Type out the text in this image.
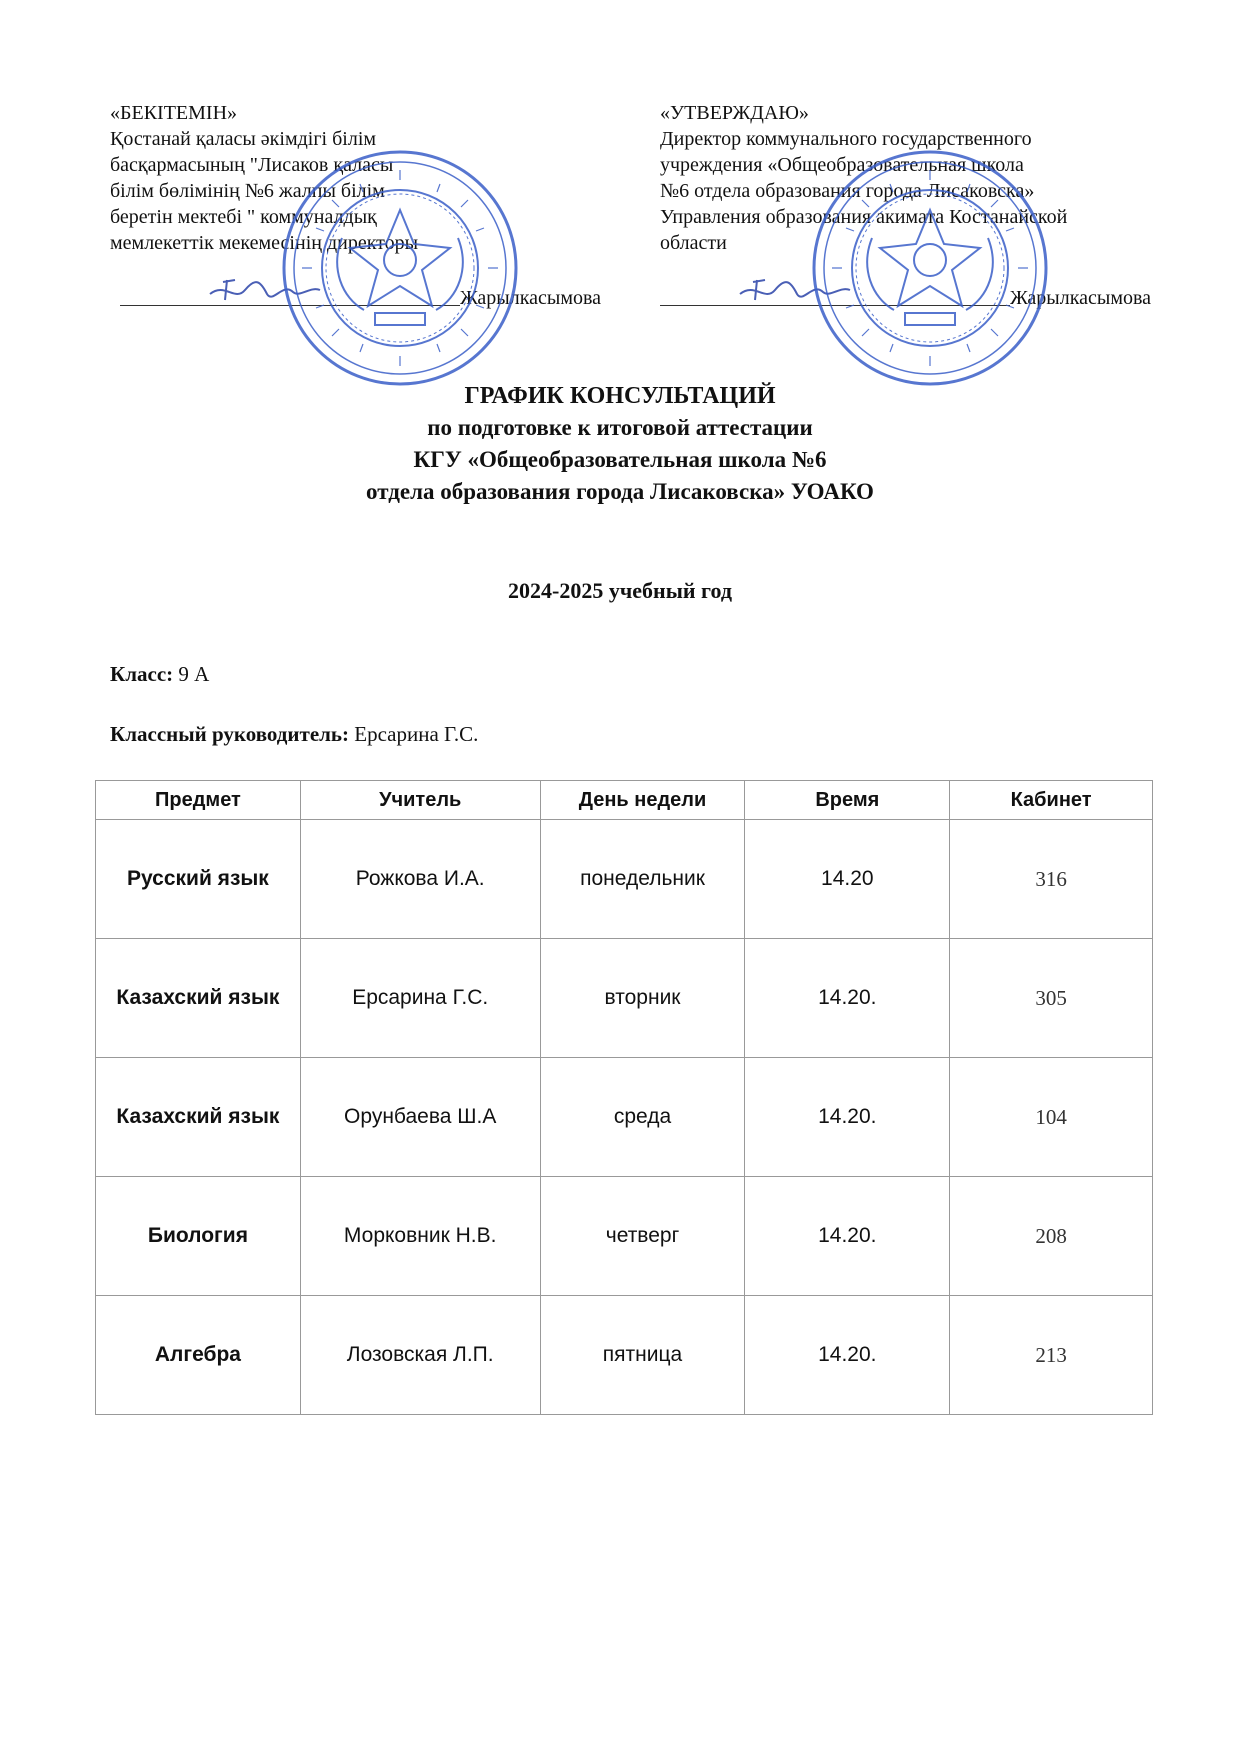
«БЕКІТЕМІН»
Қостанай қаласы әкімдігі білім
басқармасының "Лисаков қаласы
білім бөлімінің №6 жалпы білім
беретін мектебі " коммуналдық
мемлекеттік мекемесінің директоры
«УТВЕРЖДАЮ»
Директор коммунального государственного
учреждения «Общеобразовательная школа
№6 отдела образования города Лисаковска»
Управления образования акимата Костанайской
области
Жарылкасымова	Жарылкасымова
ГРАФИК КОНСУЛЬТАЦИЙ
по подготовке к итоговой аттестации
КГУ «Общеобразовательная школа №6
отдела образования города Лисаковска» УОАКО
2024-2025 учебный год
Класс: 9 А
Классный руководитель: Ерсарина Г.С.
Предмет	Учитель	День недели	Время	Кабинет
Русский язык	Рожкова И.А.	понедельник	14.20	316
Казахский язык	Ерсарина Г.С.	вторник	14.20.	305
Казахский язык	Орунбаева Ш.А	среда	14.20.	104
Биология	Морковник Н.В.	четверг	14.20.	208
Алгебра	Лозовская Л.П.	пятница	14.20.	213
